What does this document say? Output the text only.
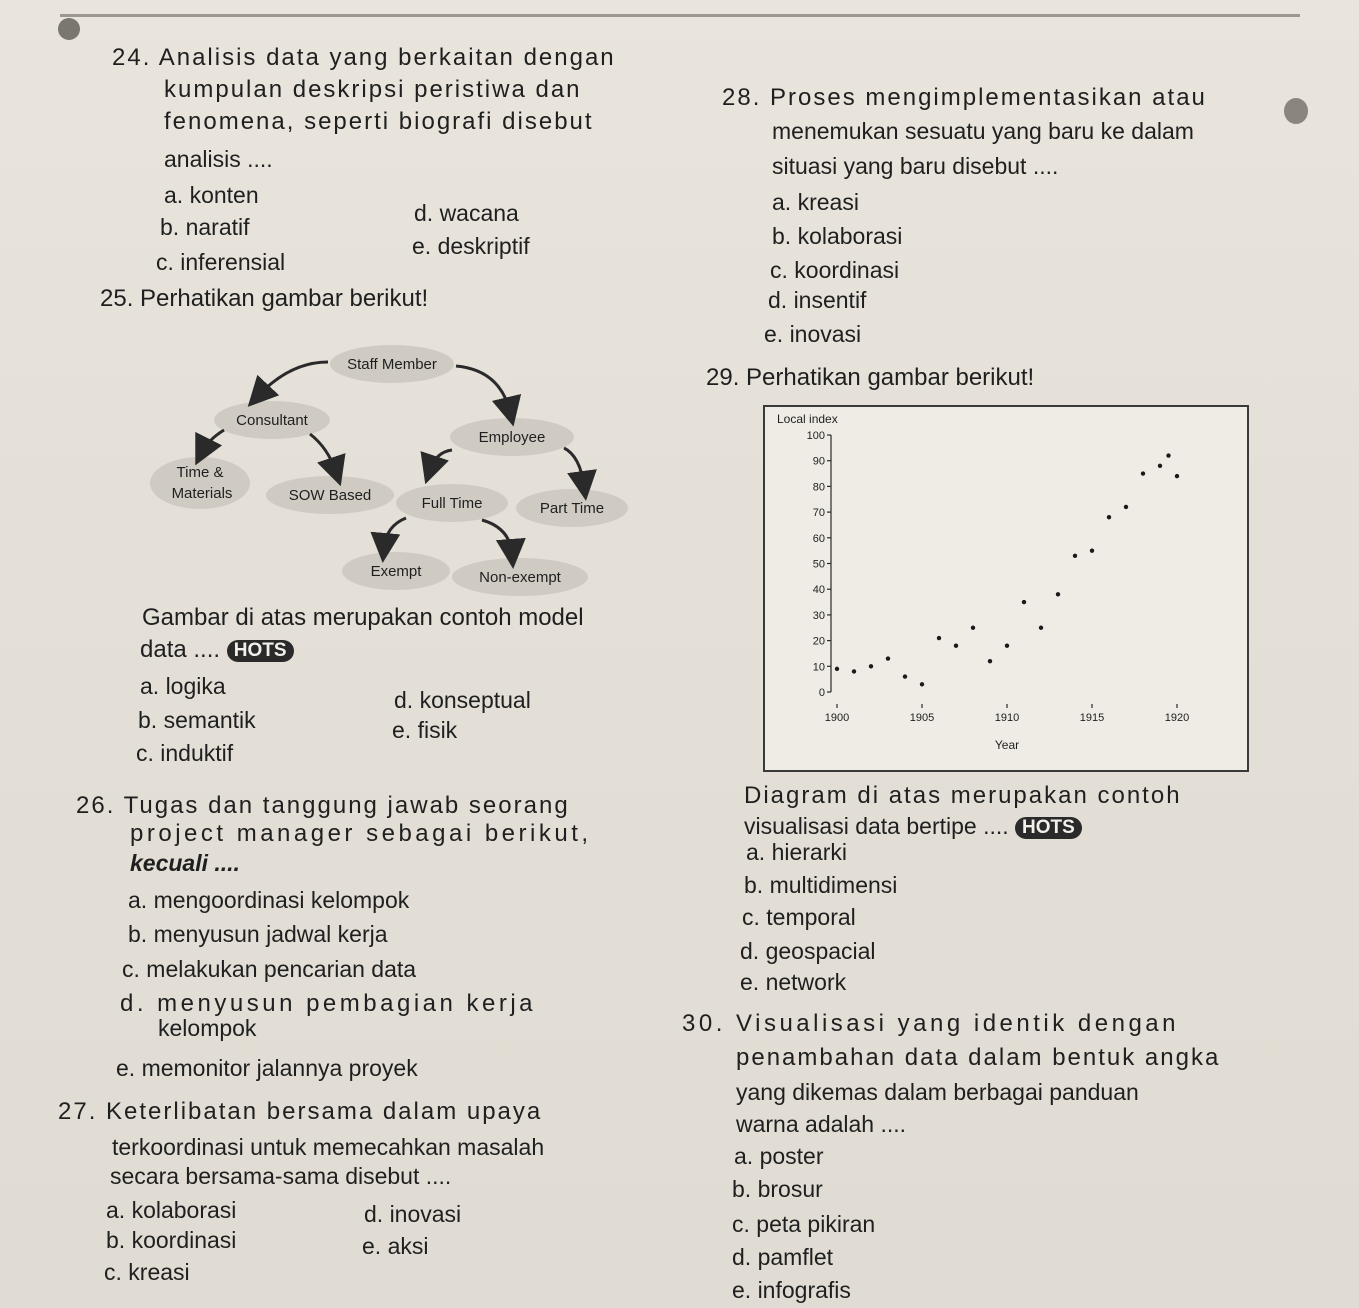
24. Analisis data yang berkaitan dengan
kumpulan deskripsi peristiwa dan
fenomena, seperti biografi disebut
analisis ....
a. konten
b. naratif
c. inferensial
d. wacana
e. deskriptif
25. Perhatikan gambar berikut!
Staff Member
Consultant
Employee
Time &
Materials	SOW Based	Full Time	Part Time
Exempt	Non-exempt
Gambar di atas merupakan contoh model
data .... HOTS
a. logika
b. semantik
c. induktif
d. konseptual
e. fisik
26. Tugas dan tanggung jawab seorang
project manager sebagai berikut,
kecuali ....
a. mengoordinasi kelompok
b. menyusun jadwal kerja
c. melakukan pencarian data
d. menyusun pembagian kerja
kelompok
e. memonitor jalannya proyek
27. Keterlibatan bersama dalam upaya
terkoordinasi untuk memecahkan masalah
secara bersama-sama disebut ....
a. kolaborasi
b. koordinasi
c. kreasi
d. inovasi
e. aksi
28. Proses mengimplementasikan atau
menemukan sesuatu yang baru ke dalam
situasi yang baru disebut ....
a. kreasi
b. kolaborasi
c. koordinasi
d. insentif
e. inovasi
29. Perhatikan gambar berikut!
Local index
Year
0
10
20
30
40
50
60
70
80
90
100
1900	1905	1910	1915	1920
Diagram di atas merupakan contoh
visualisasi data bertipe .... HOTS
a. hierarki
b. multidimensi
c. temporal
d. geospacial
e. network
30. Visualisasi yang identik dengan
penambahan data dalam bentuk angka
yang dikemas dalam berbagai panduan
warna adalah ....
a. poster
b. brosur
c. peta pikiran
d. pamflet
e. infografis
